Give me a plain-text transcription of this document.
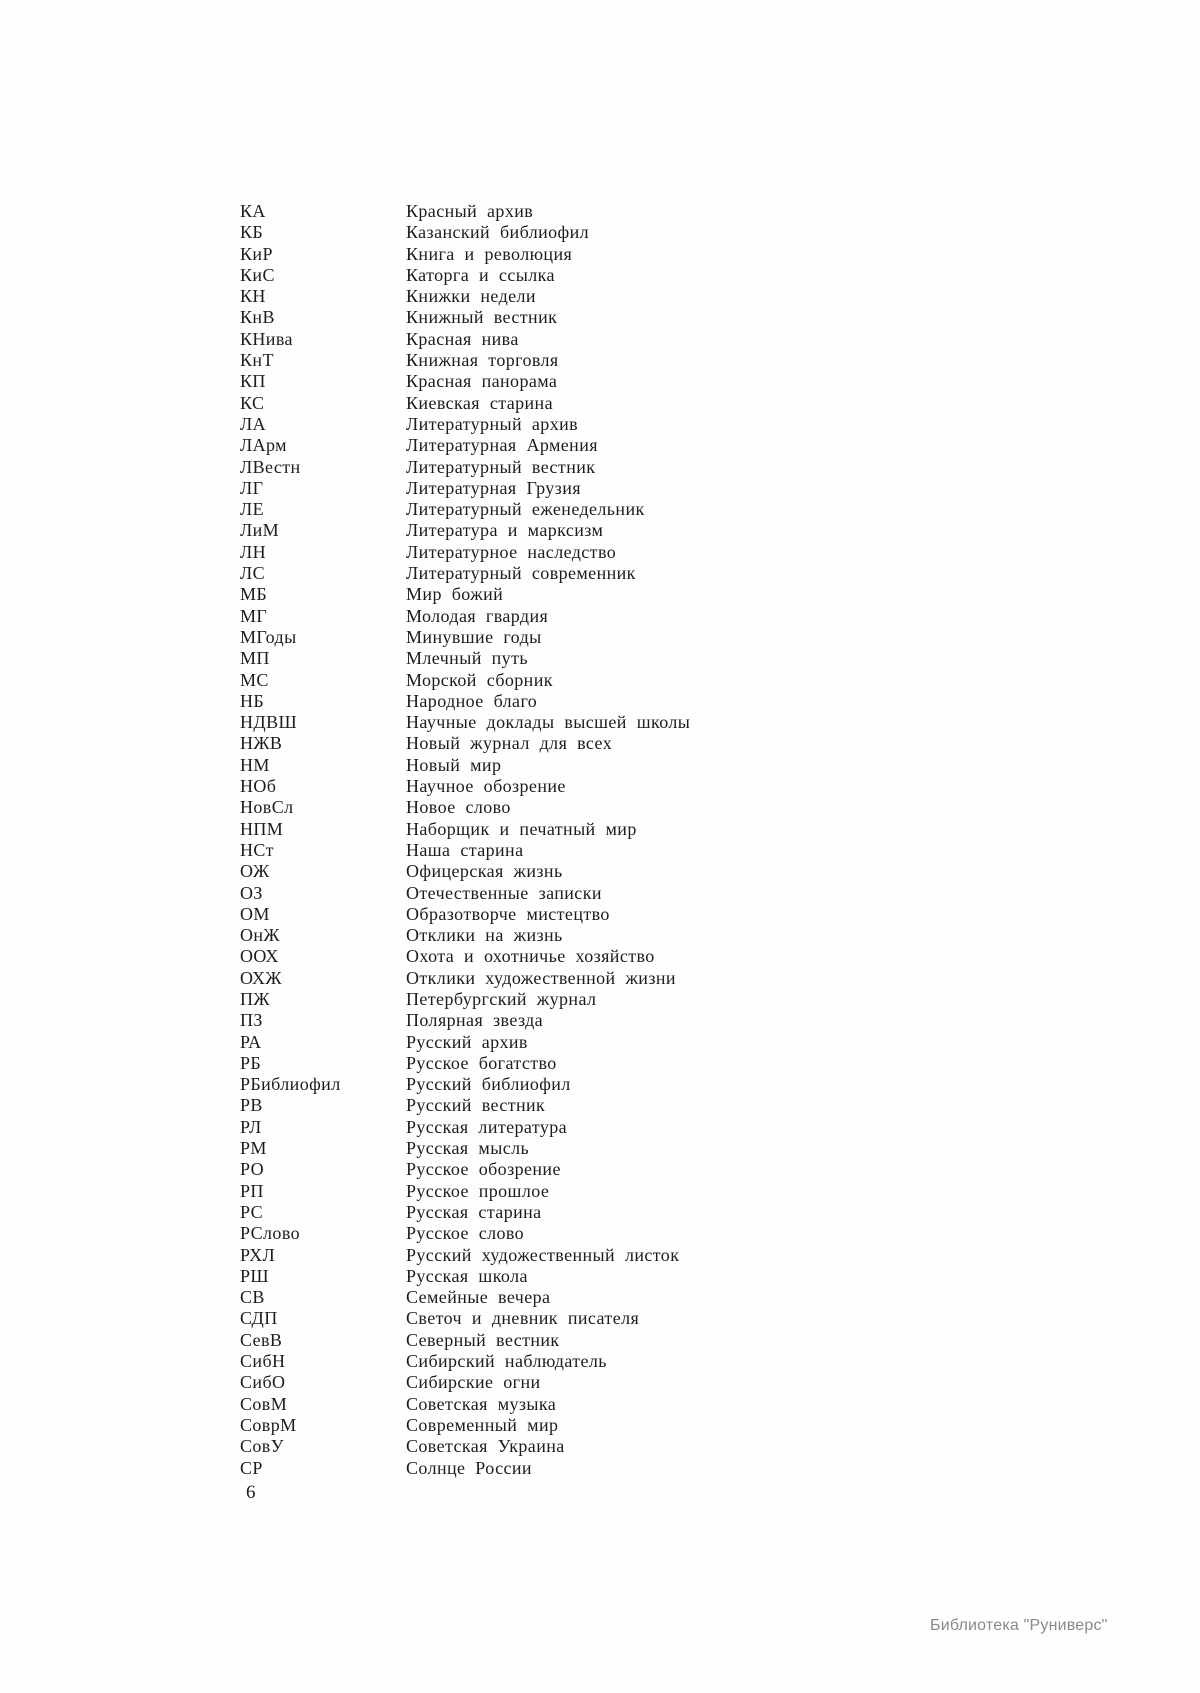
КА	Красный архив
КБ	Казанский библиофил
КиР	Книга и революция
КиС	Каторга и ссылка
КН	Книжки недели
КнВ	Книжный вестник
КНива	Красная нива
КнТ	Книжная торговля
КП	Красная панорама
КС	Киевская старина
ЛА	Литературный архив
ЛАрм	Литературная Армения
ЛВестн	Литературный вестник
ЛГ	Литературная Грузия
ЛЕ	Литературный еженедельник
ЛиМ	Литература и марксизм
ЛН	Литературное наследство
ЛС	Литературный современник
МБ	Мир божий
МГ	Молодая гвардия
МГоды	Минувшие годы
МП	Млечный путь
МС	Морской сборник
НБ	Народное благо
НДВШ	Научные доклады высшей школы
НЖВ	Новый журнал для всех
НМ	Новый мир
НОб	Научное обозрение
НовСл	Новое слово
НПМ	Наборщик и печатный мир
НСт	Наша старина
ОЖ	Офицерская жизнь
ОЗ	Отечественные записки
ОМ	Образотворче мистецтво
ОнЖ	Отклики на жизнь
ООХ	Охота и охотничье хозяйство
ОХЖ	Отклики художественной жизни
ПЖ	Петербургский журнал
ПЗ	Полярная звезда
РА	Русский архив
РБ	Русское богатство
РБиблиофил	Русский библиофил
РВ	Русский вестник
РЛ	Русская литература
РМ	Русская мысль
РО	Русское обозрение
РП	Русское прошлое
РС	Русская старина
РСлово	Русское слово
РХЛ	Русский художественный листок
РШ	Русская школа
СВ	Семейные вечера
СДП	Светоч и дневник писателя
СевВ	Северный вестник
СибН	Сибирский наблюдатель
СибО	Сибирские огни
СовМ	Советская музыка
СоврМ	Современный мир
СовУ	Советская Украина
СР	Солнце России
6
Библиотека "Руниверс"
